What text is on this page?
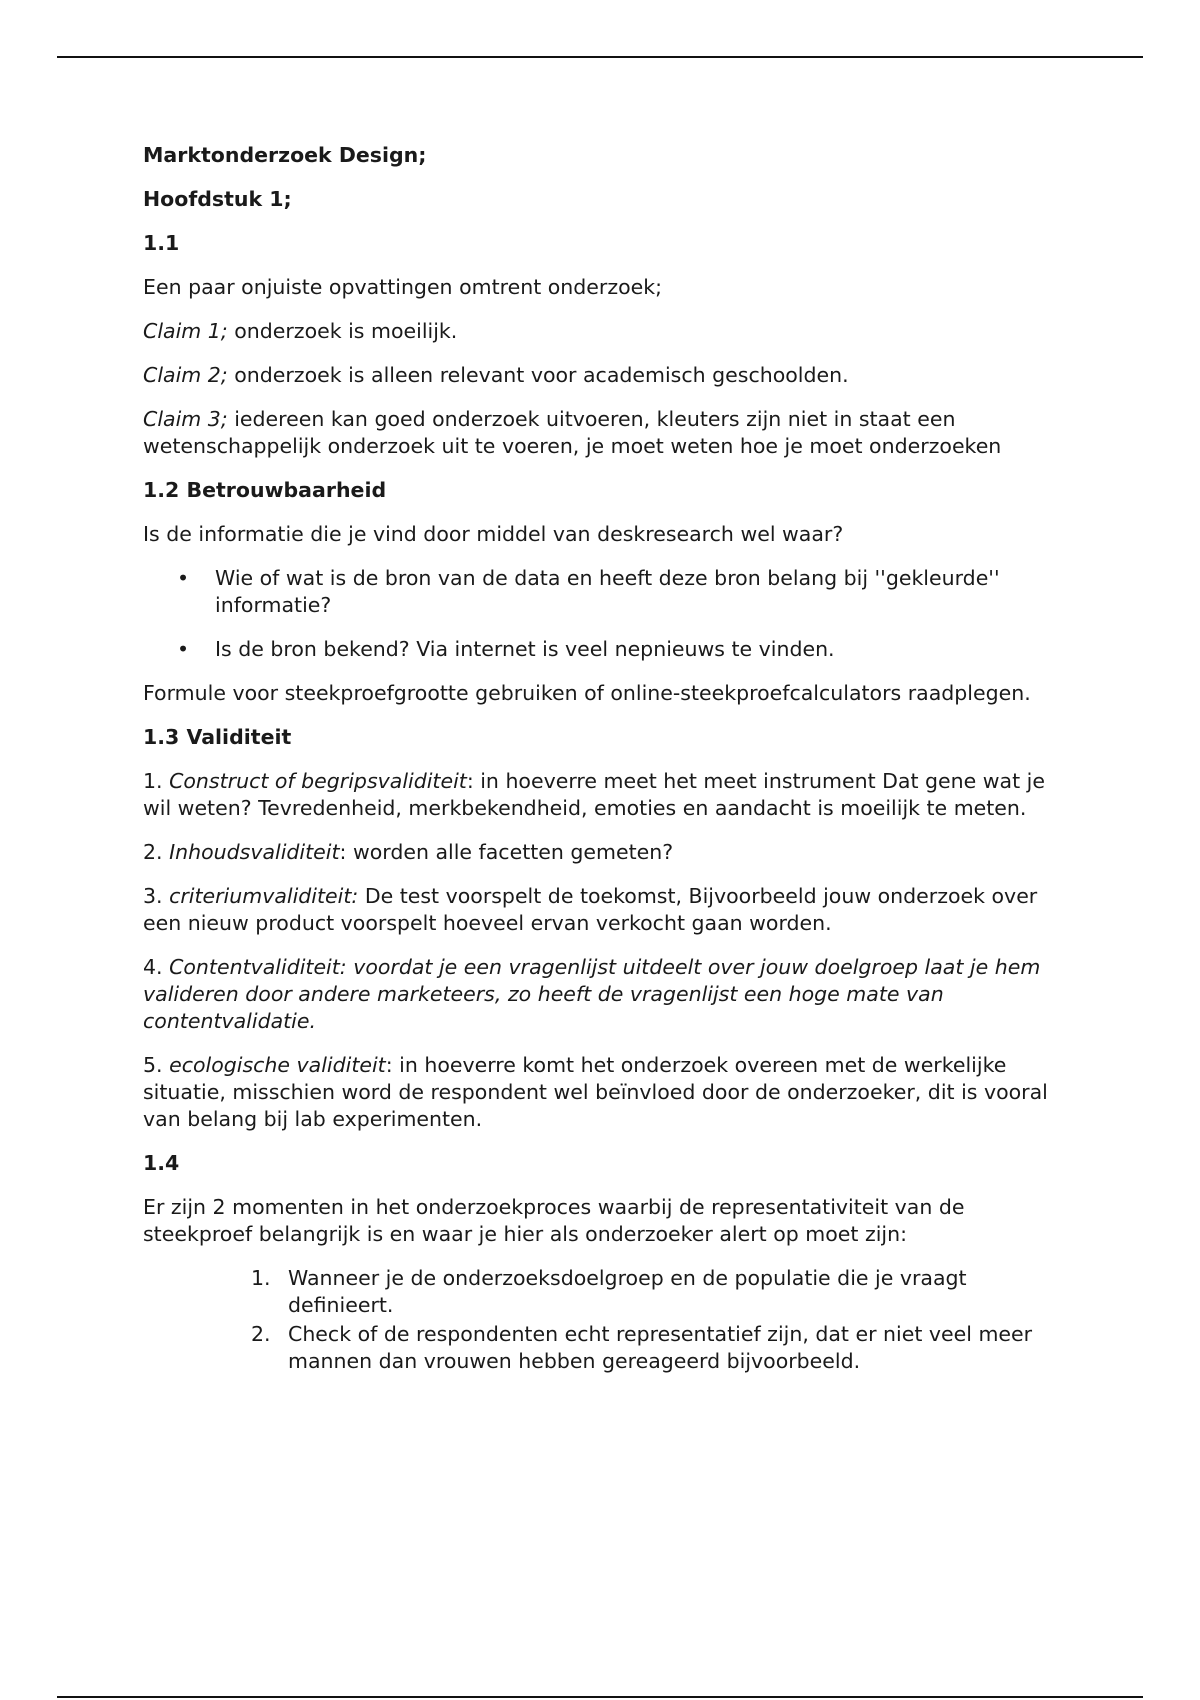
Marktonderzoek Design;

Hoofdstuk 1;

1.1

Een paar onjuiste opvattingen omtrent onderzoek;

Claim 1; onderzoek is moeilijk.

Claim 2; onderzoek is alleen relevant voor academisch geschoolden.

Claim 3; iedereen kan goed onderzoek uitvoeren, kleuters zijn niet in staat een wetenschappelijk onderzoek uit te voeren, je moet weten hoe je moet onderzoeken

1.2 Betrouwbaarheid

Is de informatie die je vind door middel van deskresearch wel waar?

• Wie of wat is de bron van de data en heeft deze bron belang bij ''gekleurde'' informatie?
• Is de bron bekend? Via internet is veel nepnieuws te vinden.

Formule voor steekproefgrootte gebruiken of online-steekproefcalculators raadplegen.

1.3 Validiteit

1. Construct of begripsvaliditeit: in hoeverre meet het meet instrument Dat gene wat je wil weten? Tevredenheid, merkbekendheid, emoties en aandacht is moeilijk te meten.

2. Inhoudsvaliditeit: worden alle facetten gemeten?

3. criteriumvaliditeit: De test voorspelt de toekomst, Bijvoorbeeld jouw onderzoek over een nieuw product voorspelt hoeveel ervan verkocht gaan worden.

4. Contentvaliditeit: voordat je een vragenlijst uitdeelt over jouw doelgroep laat je hem valideren door andere marketeers, zo heeft de vragenlijst een hoge mate van contentvalidatie.

5. ecologische validiteit: in hoeverre komt het onderzoek overeen met de werkelijke situatie, misschien word de respondent wel beïnvloed door de onderzoeker, dit is vooral van belang bij lab experimenten.

1.4

Er zijn 2 momenten in het onderzoekproces waarbij de representativiteit van de steekproef belangrijk is en waar je hier als onderzoeker alert op moet zijn:

1. Wanneer je de onderzoeksdoelgroep en de populatie die je vraagt definieert.
2. Check of de respondenten echt representatief zijn, dat er niet veel meer mannen dan vrouwen hebben gereageerd bijvoorbeeld.
